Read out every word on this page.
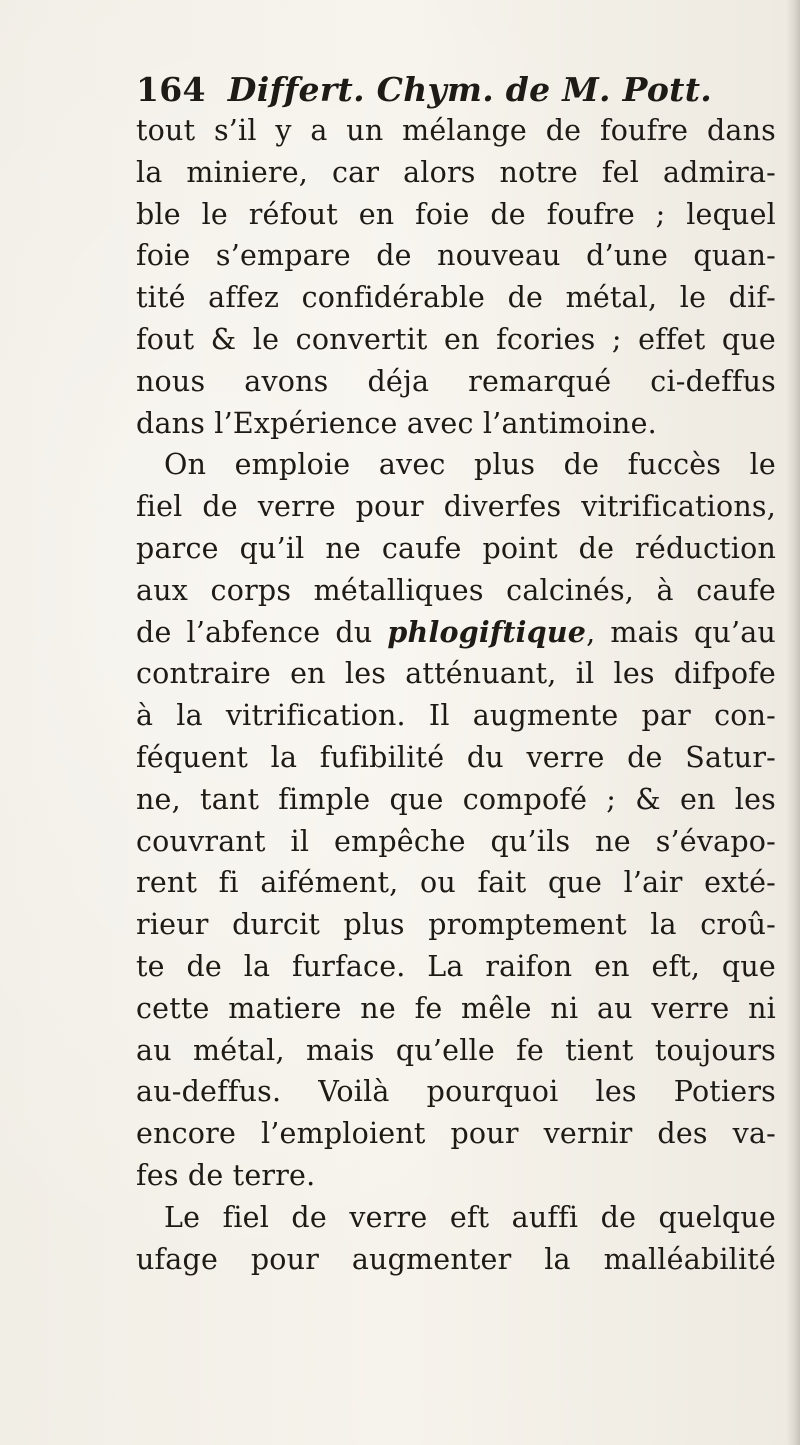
164 Differt. Chym. de M. Pott.
tout s’il y a un mélange de foufre dans
la miniere, car alors notre fel admira-
ble le réfout en foie de foufre ; lequel
foie s’empare de nouveau d’une quan-
tité affez confidérable de métal, le dif-
fout & le convertit en fcories ; effet que
nous avons déja remarqué ci-deffus
dans l’Expérience avec l’antimoine.
On emploie avec plus de fuccès le
fiel de verre pour diverfes vitrifications,
parce qu’il ne caufe point de réduction
aux corps métalliques calcinés, à caufe
de l’abfence du phlogiftique, mais qu’au
contraire en les atténuant, il les difpofe
à la vitrification. Il augmente par con-
féquent la fufibilité du verre de Satur-
ne, tant fimple que compofé ; & en les
couvrant il empêche qu’ils ne s’évapo-
rent fi aifément, ou fait que l’air exté-
rieur durcit plus promptement la croû-
te de la furface. La raifon en eft, que
cette matiere ne fe mêle ni au verre ni
au métal, mais qu’elle fe tient toujours
au-deffus. Voilà pourquoi les Potiers
encore l’emploient pour vernir des va-
fes de terre.
Le fiel de verre eft auffi de quelque
ufage pour augmenter la malléabilité
